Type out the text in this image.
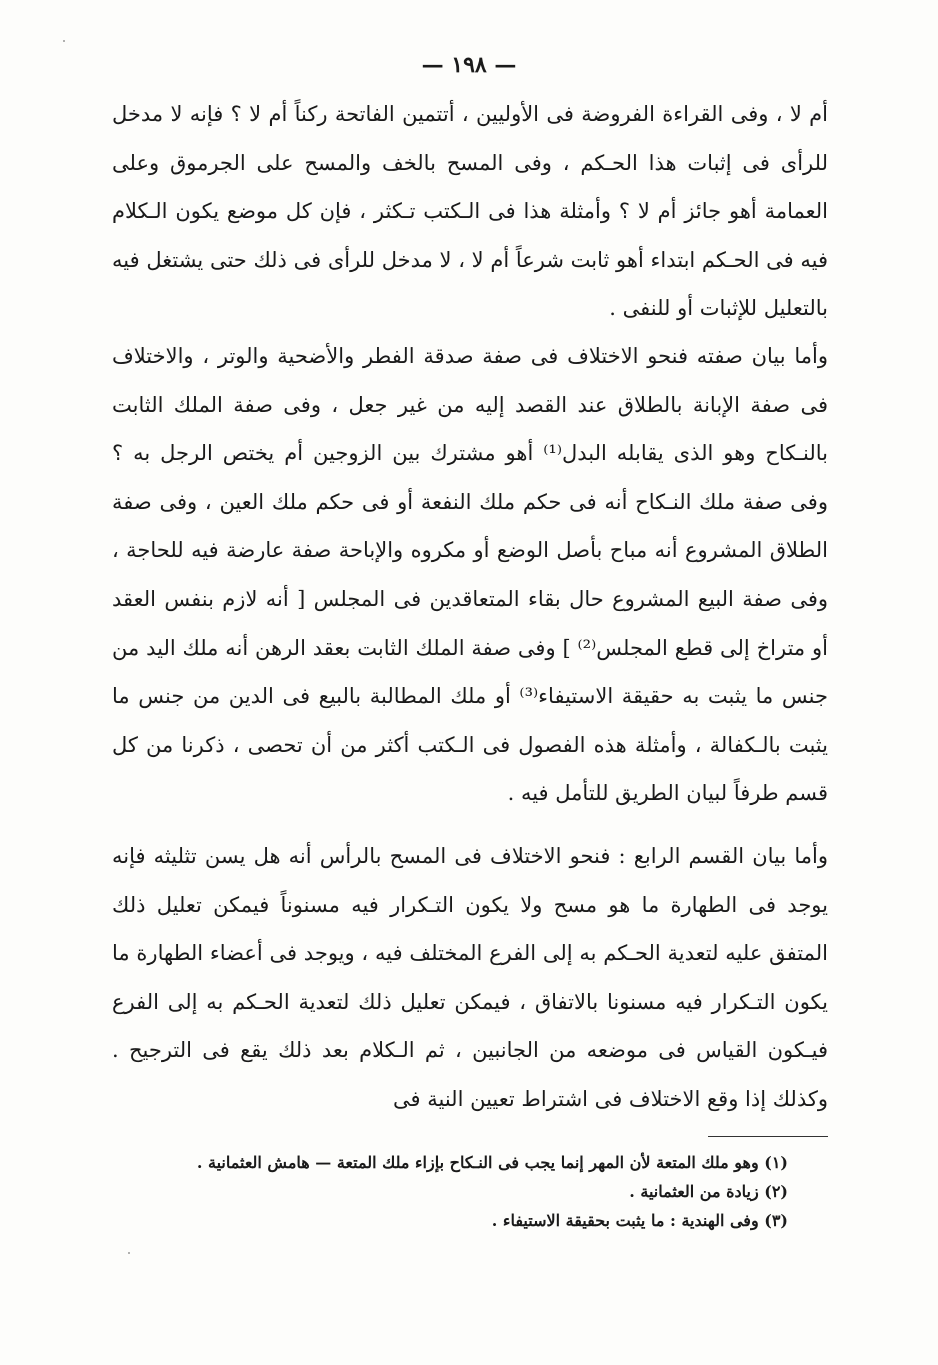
— ١٩٨ —

أم لا ، وفى القراءة الفروضة فى الأوليين ، أتتمين الفاتحة ركناً أم لا ؟ فإنه لا مدخل للرأى فى إثبات هذا الحـكم ، وفى المسح بالخف والمسح على الجرموق وعلى العمامة أهو جائز أم لا ؟ وأمثلة هذا فى الـكتب تـكثر ، فإن كل موضع يكون الـكلام فيه فى الحـكم ابتداء أهو ثابت شرعاً أم لا ، لا مدخل للرأى فى ذلك حتى يشتغل فيه بالتعليل للإثبات أو للنفى .

وأما بيان صفته فنحو الاختلاف فى صفة صدقة الفطر والأضحية والوتر ، والاختلاف فى صفة الإبانة بالطلاق عند القصد إليه من غير جعل ، وفى صفة الملك الثابت بالنـكاح وهو الذى يقابله البدل⁽¹⁾ أهو مشترك بين الزوجين أم يختص الرجل به ؟ وفى صفة ملك النـكاح أنه فى حكم ملك النفعة أو فى حكم ملك العين ، وفى صفة الطلاق المشروع أنه مباح بأصل الوضع أو مكروه والإباحة صفة عارضة فيه للحاجة ، وفى صفة البيع المشروع حال بقاء المتعاقدين فى المجلس [ أنه لازم بنفس العقد أو متراخ إلى قطع المجلس⁽²⁾ ] وفى صفة الملك الثابت بعقد الرهن أنه ملك اليد من جنس ما يثبت به حقيقة الاستيفاء⁽³⁾ أو ملك المطالبة بالبيع فى الدين من جنس ما يثبت بالـكفالة ، وأمثلة هذه الفصول فى الـكتب أكثر من أن تحصى ، ذكرنا من كل قسم طرفاً لبيان الطريق للتأمل فيه .

وأما بيان القسم الرابع : فنحو الاختلاف فى المسح بالرأس أنه هل يسن تثليثه فإنه يوجد فى الطهارة ما هو مسح ولا يكون التـكرار فيه مسنوناً فيمكن تعليل ذلك المتفق عليه لتعدية الحـكم به إلى الفرع المختلف فيه ، ويوجد فى أعضاء الطهارة ما يكون التـكرار فيه مسنونا بالاتفاق ، فيمكن تعليل ذلك لتعدية الحـكم به إلى الفرع فيـكون القياس فى موضعه من الجانبين ، ثم الـكلام بعد ذلك يقع فى الترجيح . وكذلك إذا وقع الاختلاف فى اشتراط تعيين النية فى

(١) وهو ملك المتعة لأن المهر إنما يجب فى النـكاح بإزاء ملك المتعة — هامش العثمانية .

(٢) زيادة من العثمانية .

(٣) وفى الهندية : ما يثبت بحقيقة الاستيفاء .
